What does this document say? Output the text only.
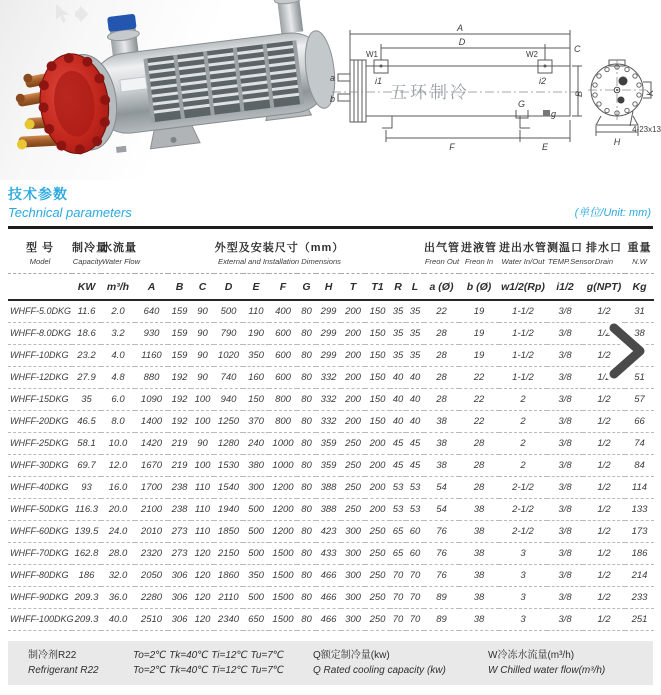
五环制冷
A
D
C
W1	W2
i1	i2
a
b	B
G
g
F	E	H
K
4-23x13
技术参数
Technical parameters	(单位/Unit: mm)
型 号
Model

制冷量
Capacity

水流量
Water Flow

外型及安装尺寸（mm）
External and Installation Dimensions

出气管
Freon Out

进液管
Freon In

进出水管
Water In/Out

测温口
TEMP.Sensor

排水口
Drain

重量
N.W

	KW	m³/h	A	B	C	D	E	F	G	H	T	T1	R	L	a (Ø)	b (Ø)	w1/2(Rp)	i1/2	g(NPT)	Kg
WHFF-5.0DKG	11.6	2.0	640	159	90	500	110	400	80	299	200	150	35	35	22	19	1-1/2	3/8	1/2	31
WHFF-8.0DKG	18.6	3.2	930	159	90	790	190	600	80	299	200	150	35	35	28	19	1-1/2	3/8	1/2	38
WHFF-10DKG	23.2	4.0	1160	159	90	1020	350	600	80	299	200	150	35	35	28	19	1-1/2	3/8	1/2	42
WHFF-12DKG	27.9	4.8	880	192	90	740	160	600	80	332	200	150	40	40	28	22	1-1/2	3/8	1/2	51
WHFF-15DKG	35	6.0	1090	192	100	940	150	800	80	332	200	150	40	40	28	22	2	3/8	1/2	57
WHFF-20DKG	46.5	8.0	1400	192	100	1250	370	800	80	332	200	150	40	40	38	22	2	3/8	1/2	66
WHFF-25DKG	58.1	10.0	1420	219	90	1280	240	1000	80	359	250	200	45	45	38	28	2	3/8	1/2	74
WHFF-30DKG	69.7	12.0	1670	219	100	1530	380	1000	80	359	250	200	45	45	38	28	2	3/8	1/2	84
WHFF-40DKG	93	16.0	1700	238	110	1540	300	1200	80	388	250	200	53	53	54	28	2-1/2	3/8	1/2	114
WHFF-50DKG	116.3	20.0	2100	238	110	1940	500	1200	80	388	250	200	53	53	54	38	2-1/2	3/8	1/2	133
WHFF-60DKG	139.5	24.0	2010	273	110	1850	500	1200	80	423	300	250	65	60	76	38	2-1/2	3/8	1/2	173
WHFF-70DKG	162.8	28.0	2320	273	120	2150	500	1500	80	433	300	250	65	60	76	38	3	3/8	1/2	186
WHFF-80DKG	186	32.0	2050	306	120	1860	350	1500	80	466	300	250	70	70	76	38	3	3/8	1/2	214
WHFF-90DKG	209.3	36.0	2280	306	120	2110	500	1500	80	466	300	250	70	70	89	38	3	3/8	1/2	233
WHFF-100DKG	209.3	40.0	2510	306	120	2340	650	1500	80	466	300	250	70	70	89	38	3	3/8	1/2	251
制冷剂R22	To=2℃ Tk=40℃ Ti=12℃ Tu=7℃	Q额定制冷量(kw)	W冷冻水流量(m³/h)
Refrigerant R22	To=2℃ Tk=40℃ Ti=12℃ Tu=7℃	Q Rated cooling capacity (kw)	W Chilled water flow(m³/h)
